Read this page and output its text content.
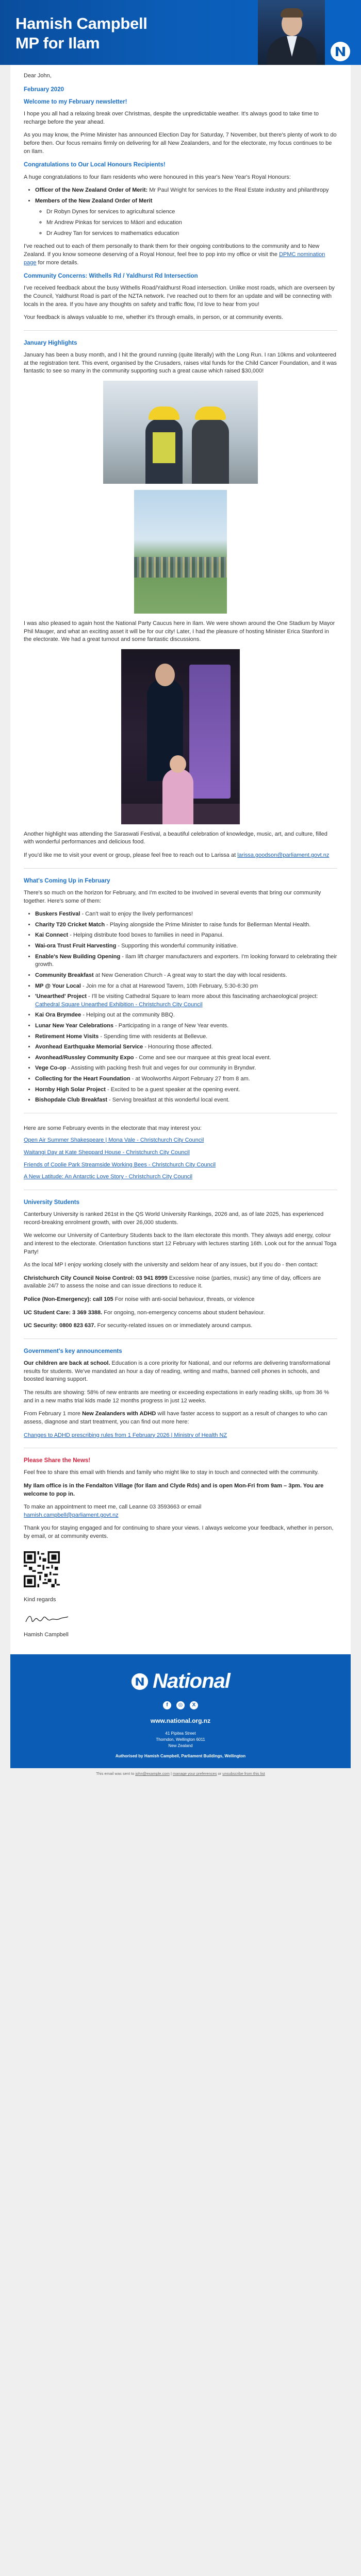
Hamish Campbell
MP for Ilam

Dear John,

February 2020
Welcome to my February newsletter!

I hope you all had a relaxing break over Christmas, despite the unpredictable weather. It's always good to take time to recharge before the year ahead.

As you may know, the Prime Minister has announced Election Day for Saturday, 7 November, but there's plenty of work to do before then. Our focus remains firmly on delivering for all New Zealanders, and for the electorate, my focus continues to be on Ilam.

Congratulations to Our Local Honours Recipients!

A huge congratulations to four Ilam residents who were honoured in this year's New Year's Royal Honours:

• Officer of the New Zealand Order of Merit: Mr Paul Wright for services to the Real Estate industry and philanthropy
• Members of the New Zealand Order of Merit
◦ Dr Robyn Dynes for services to agricultural science
◦ Mr Andrew Pinkas for services to Māori and education
◦ Dr Audrey Tan for services to mathematics education

I've reached out to each of them personally to thank them for their ongoing contributions to the community and to New Zealand. If you know someone deserving of a Royal Honour, feel free to pop into my office or visit the DPMC nomination page for more details.

Community Concerns: Withells Rd / Yaldhurst Rd Intersection

I've received feedback about the busy Withells Road/Yaldhurst Road intersection. Unlike most roads, which are overseen by the Council, Yaldhurst Road is part of the NZTA network. I've reached out to them for an update and will be connecting with locals in the area. If you have any thoughts on safety and traffic flow, I'd love to hear from you!

Your feedback is always valuable to me, whether it's through emails, in person, or at community events.

January Highlights

January has been a busy month, and I hit the ground running (quite literally) with the Long Run. I ran 10kms and volunteered at the registration tent. This event, organised by the Crusaders, raises vital funds for the Child Cancer Foundation, and it was fantastic to see so many in the community supporting such a great cause which raised $30,000!

I was also pleased to again host the National Party Caucus here in Ilam. We were shown around the One Stadium by Mayor Phil Mauger, and what an exciting asset it will be for our city! Later, I had the pleasure of hosting Minister Erica Stanford in the electorate. We had a great turnout and some fantastic discussions.

Another highlight was attending the Saraswati Festival, a beautiful celebration of knowledge, music, art, and culture, filled with wonderful performances and delicious food.

If you'd like me to visit your event or group, please feel free to reach out to Larissa at larissa.goodson@parliament.govt.nz

What's Coming Up in February

There's so much on the horizon for February, and I'm excited to be involved in several events that bring our community together. Here's some of them:

• Buskers Festival - Can't wait to enjoy the lively performances!
• Charity T20 Cricket Match - Playing alongside the Prime Minister to raise funds for Bellerman Mental Health.
• Kai Connect - Helping distribute food boxes to families in need in Papanui.
• Wai-ora Trust Fruit Harvesting - Supporting this wonderful community initiative.
• Enable's New Building Opening - Ilam lift charger manufacturers and exporters. I'm looking forward to celebrating their growth.
• Community Breakfast at New Generation Church - A great way to start the day with local residents.
• MP @ Your Local - Join me for a chat at Harewood Tavern, 10th February, 5:30-6:30 pm
• 'Unearthed' Project - I'll be visiting Cathedral Square to learn more about this fascinating archaeological project: Cathedral Square Unearthed Exhibition - Christchurch City Council
• Kai Ora Brymdee - Helping out at the community BBQ.
• Lunar New Year Celebrations - Participating in a range of New Year events.
• Retirement Home Visits - Spending time with residents at Bellevue.
• Avonhead Earthquake Memorial Service - Honouring those affected.
• Avonhead/Russley Community Expo - Come and see our marquee at this great local event.
• Vege Co-op - Assisting with packing fresh fruit and veges for our community in Bryndwr.
• Collecting for the Heart Foundation - at Woolworths Airport February 27 from 8 am.
• Hornby High Solar Project - Excited to be a guest speaker at the opening event.
• Bishopdale Club Breakfast - Serving breakfast at this wonderful local event.

Here are some February events in the electorate that may interest you:

Open Air Summer Shakespeare | Mona Vale - Christchurch City Council

Waitangi Day at Kate Sheppard House - Christchurch City Council

Friends of Coolie Park Streamside Working Bees - Christchurch City Council

A New Latitude: An Antarctic Love Story - Christchurch City Council

University Students

Canterbury University is ranked 261st in the QS World University Rankings, 2026 and, as of late 2025, has experienced record-breaking enrolment growth, with over 26,000 students.

We welcome our University of Canterbury Students back to the Ilam electorate this month. They always add energy, colour and interest to the electorate. Orientation functions start 12 February with lectures starting 16th. Look out for the annual Toga Party!

As the local MP I enjoy working closely with the university and seldom hear of any issues, but if you do - then contact:

Christchurch City Council Noise Control: 03 941 8999 Excessive noise (parties, music) any time of day, officers are available 24/7 to assess the noise and can issue directions to reduce it.

Police (Non-Emergency): call 105 For noise with anti-social behaviour, threats, or violence

UC Student Care: 3 369 3388. For ongoing, non-emergency concerns about student behaviour.

UC Security: 0800 823 637. For security-related issues on or immediately around campus.

Government's key announcements

Our children are back at school. Education is a core priority for National, and our reforms are delivering transformational results for students. We've mandated an hour a day of reading, writing and maths, banned cell phones in schools, and boosted learning support.

The results are showing: 58% of new entrants are meeting or exceeding expectations in early reading skills, up from 36 % and in a new maths trial kids made 12 months progress in just 12 weeks.

From February 1 more New Zealanders with ADHD will have faster access to support as a result of changes to who can assess, diagnose and start treatment, you can find out more here:

Changes to ADHD prescribing rules from 1 February 2026 | Ministry of Health NZ

Please Share the News!

Feel free to share this email with friends and family who might like to stay in touch and connected with the community.

My Ilam office is in the Fendalton Village (for Ilam and Clyde Rds) and is open Mon-Fri from 9am – 3pm. You are welcome to pop in.

To make an appointment to meet me, call Leanne 03 3593663 or email
hamish.campbell@parliament.govt.nz

Thank you for staying engaged and for continuing to share your views. I always welcome your feedback, whether in person, by email, or at community events.

Kind regards

Hamish Campbell

National
f	◎	X
www.national.org.nz
41 Pipitea Street
Thorndon, Wellington 6011
New Zealand
Authorised by Hamish Campbell, Parliament Buildings, Wellington
This email was sent to john@example.com | manage your preferences or unsubscribe from this list
